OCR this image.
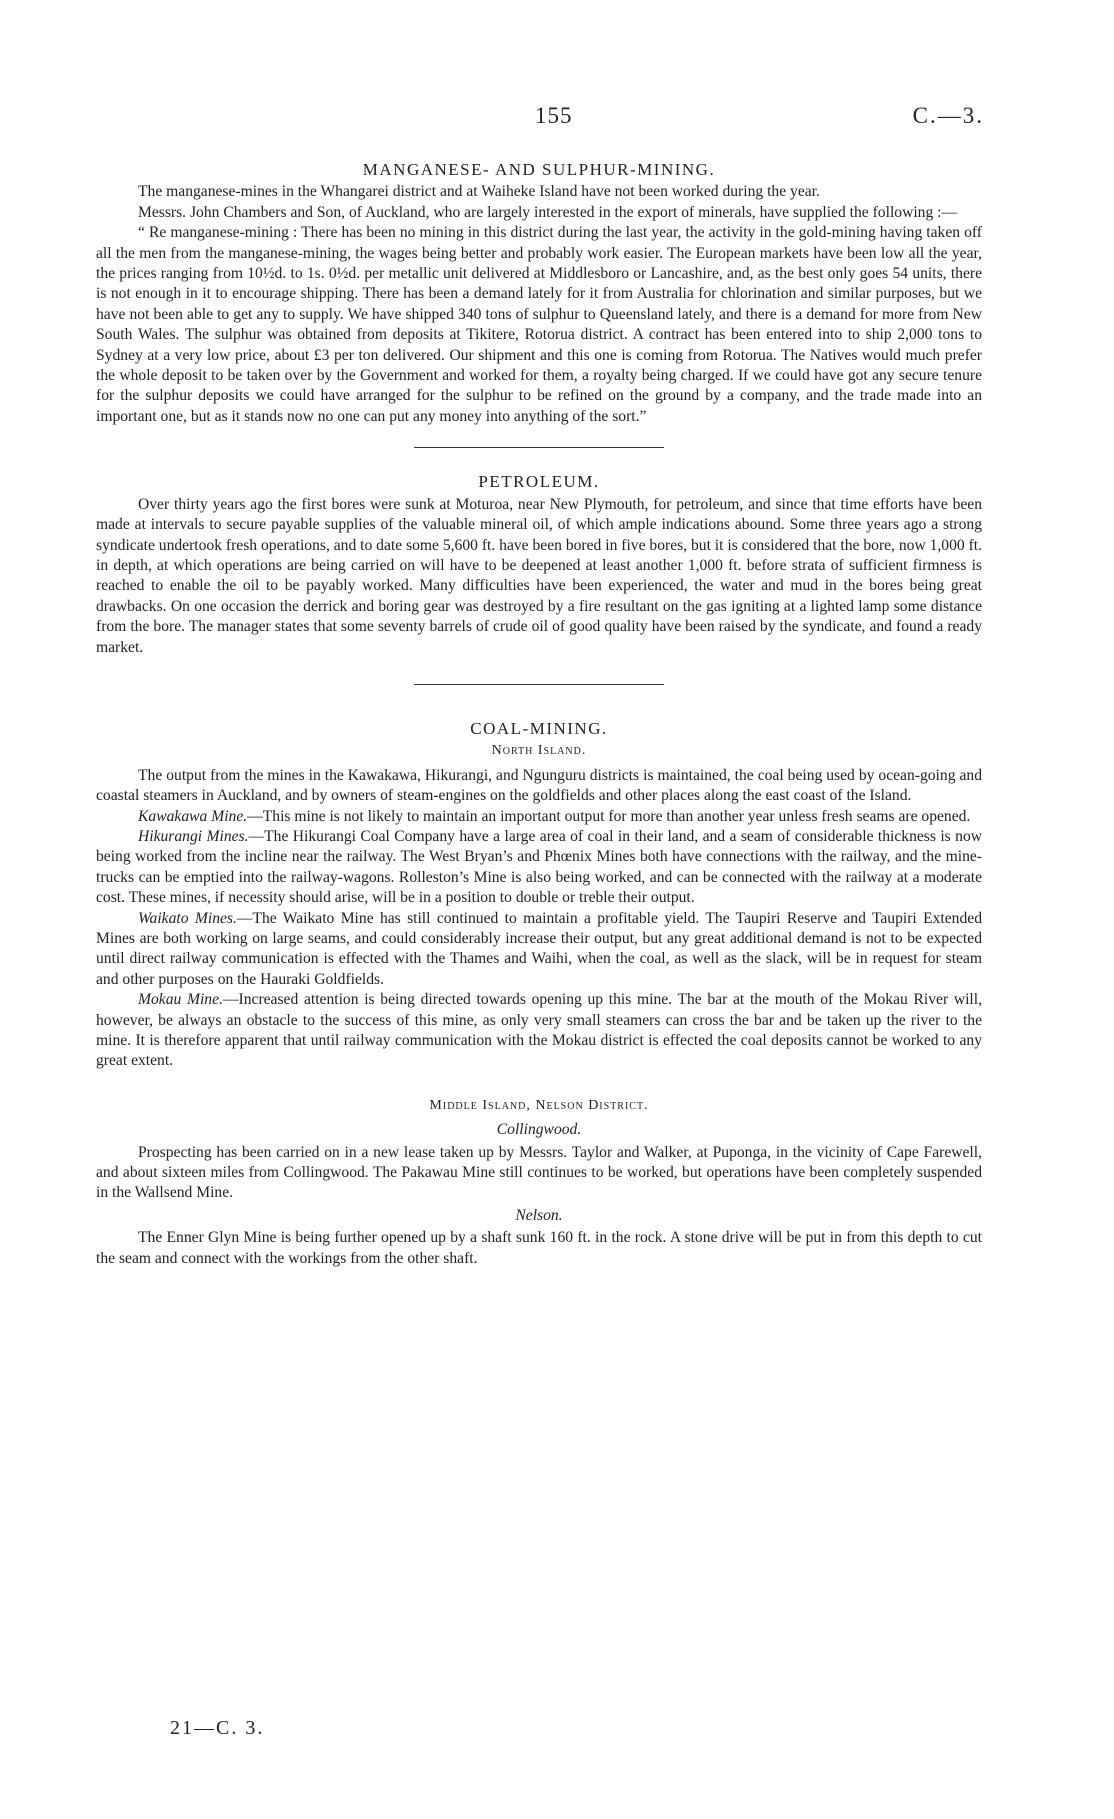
155	C.—3.
MANGANESE- AND SULPHUR-MINING.

The manganese-mines in the Whangarei district and at Waiheke Island have not been worked during the year.

Messrs. John Chambers and Son, of Auckland, who are largely interested in the export of minerals, have supplied the following :—

“ Re manganese-mining : There has been no mining in this district during the last year, the activity in the gold-mining having taken off all the men from the manganese-mining, the wages being better and probably work easier. The European markets have been low all the year, the prices ranging from 10½d. to 1s. 0½d. per metallic unit delivered at Middlesboro or Lancashire, and, as the best only goes 54 units, there is not enough in it to encourage shipping. There has been a demand lately for it from Australia for chlorination and similar purposes, but we have not been able to get any to supply. We have shipped 340 tons of sulphur to Queensland lately, and there is a demand for more from New South Wales. The sulphur was obtained from deposits at Tikitere, Rotorua district. A contract has been entered into to ship 2,000 tons to Sydney at a very low price, about £3 per ton delivered. Our shipment and this one is coming from Rotorua. The Natives would much prefer the whole deposit to be taken over by the Government and worked for them, a royalty being charged. If we could have got any secure tenure for the sulphur deposits we could have arranged for the sulphur to be refined on the ground by a company, and the trade made into an important one, but as it stands now no one can put any money into anything of the sort.”

PETROLEUM.

Over thirty years ago the first bores were sunk at Moturoa, near New Plymouth, for petroleum, and since that time efforts have been made at intervals to secure payable supplies of the valuable mineral oil, of which ample indications abound. Some three years ago a strong syndicate undertook fresh operations, and to date some 5,600 ft. have been bored in five bores, but it is considered that the bore, now 1,000 ft. in depth, at which operations are being carried on will have to be deepened at least another 1,000 ft. before strata of sufficient firmness is reached to enable the oil to be payably worked. Many difficulties have been experienced, the water and mud in the bores being great drawbacks. On one occasion the derrick and boring gear was destroyed by a fire resultant on the gas igniting at a lighted lamp some distance from the bore. The manager states that some seventy barrels of crude oil of good quality have been raised by the syndicate, and found a ready market.

COAL-MINING.
North Island.

The output from the mines in the Kawakawa, Hikurangi, and Ngunguru districts is maintained, the coal being used by ocean-going and coastal steamers in Auckland, and by owners of steam-engines on the goldfields and other places along the east coast of the Island.

Kawakawa Mine.—This mine is not likely to maintain an important output for more than another year unless fresh seams are opened.

Hikurangi Mines.—The Hikurangi Coal Company have a large area of coal in their land, and a seam of considerable thickness is now being worked from the incline near the railway. The West Bryan’s and Phœnix Mines both have connections with the railway, and the mine-trucks can be emptied into the railway-wagons. Rolleston’s Mine is also being worked, and can be connected with the railway at a moderate cost. These mines, if necessity should arise, will be in a position to double or treble their output.

Waikato Mines.—The Waikato Mine has still continued to maintain a profitable yield. The Taupiri Reserve and Taupiri Extended Mines are both working on large seams, and could considerably increase their output, but any great additional demand is not to be expected until direct railway communication is effected with the Thames and Waihi, when the coal, as well as the slack, will be in request for steam and other purposes on the Hauraki Goldfields.

Mokau Mine.—Increased attention is being directed towards opening up this mine. The bar at the mouth of the Mokau River will, however, be always an obstacle to the success of this mine, as only very small steamers can cross the bar and be taken up the river to the mine. It is therefore apparent that until railway communication with the Mokau district is effected the coal deposits cannot be worked to any great extent.

Middle Island, Nelson District.
Collingwood.

Prospecting has been carried on in a new lease taken up by Messrs. Taylor and Walker, at Puponga, in the vicinity of Cape Farewell, and about sixteen miles from Collingwood. The Pakawau Mine still continues to be worked, but operations have been completely suspended in the Wallsend Mine.

Nelson.

The Enner Glyn Mine is being further opened up by a shaft sunk 160 ft. in the rock. A stone drive will be put in from this depth to cut the seam and connect with the workings from the other shaft.

21—C. 3.
